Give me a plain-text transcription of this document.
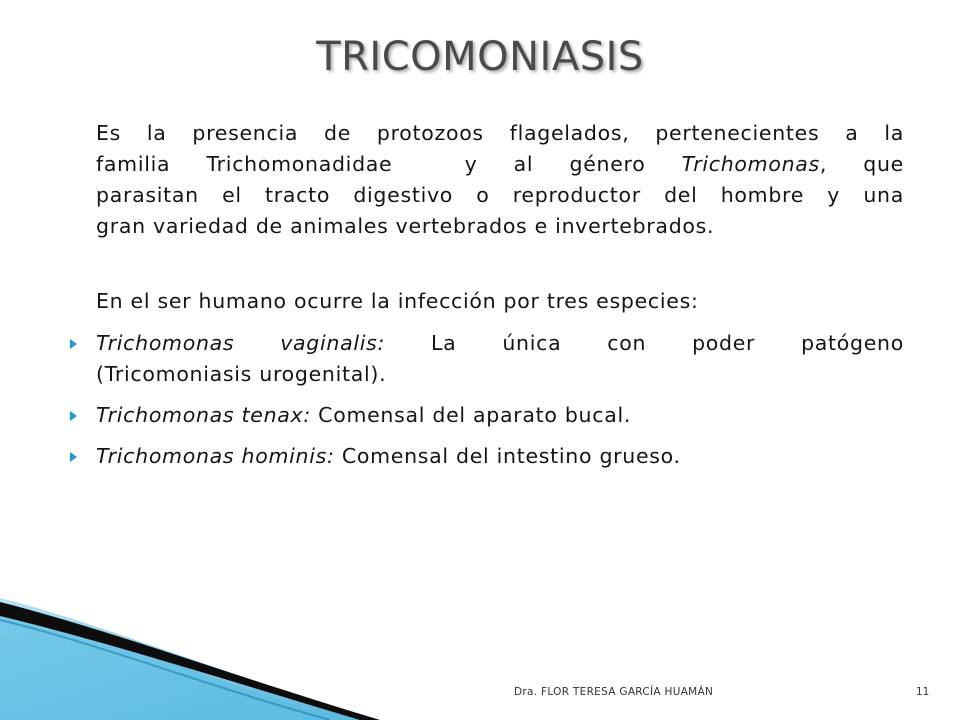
TRICOMONIASIS
Es la presencia de protozoos flagelados, pertenecientes a la
familia Trichomonadidae  y al género Trichomonas, que
parasitan el tracto digestivo o reproductor del hombre y una
gran variedad de animales vertebrados e invertebrados.
En el ser humano ocurre la infección por tres especies:
Trichomonas vaginalis: La única con poder patógeno
(Tricomoniasis urogenital).
Trichomonas tenax: Comensal del aparato bucal.
Trichomonas hominis: Comensal del intestino grueso.
Dra. FLOR TERESA GARCÍA HUAMÁN	11
